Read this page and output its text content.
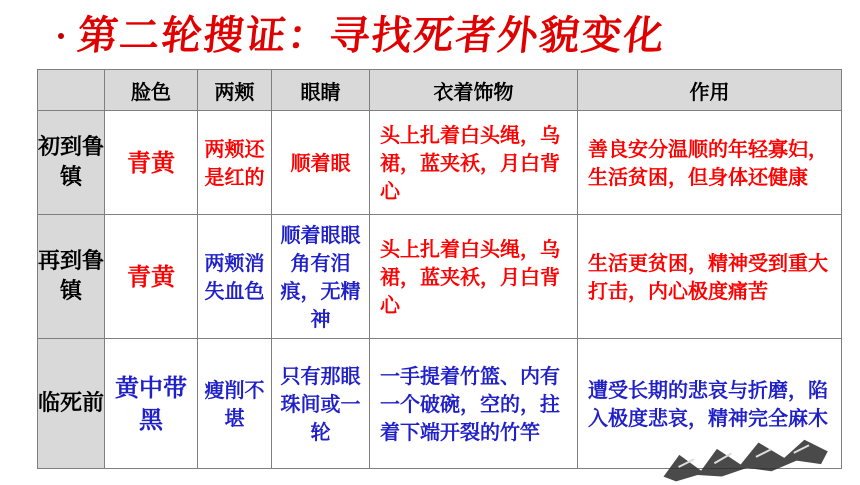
第二轮搜证：寻找死者外貌变化
	脸色	两颊	眼睛	衣着饰物	作用
初到鲁镇	青黄	两颊还是红的	顺着眼	头上扎着白头绳，乌裙，蓝夹袄，月白背心	善良安分温顺的年轻寡妇，生活贫困，但身体还健康
再到鲁镇	青黄	两颊消失血色	顺着眼眼角有泪痕，无精神	头上扎着白头绳，乌裙，蓝夹袄，月白背心	生活更贫困，精神受到重大打击，内心极度痛苦
临死前	黄中带黑	瘦削不堪	只有那眼珠间或一轮	一手提着竹篮、内有一个破碗，空的，拄着下端开裂的竹竿	遭受长期的悲哀与折磨，陷入极度悲哀，精神完全麻木
